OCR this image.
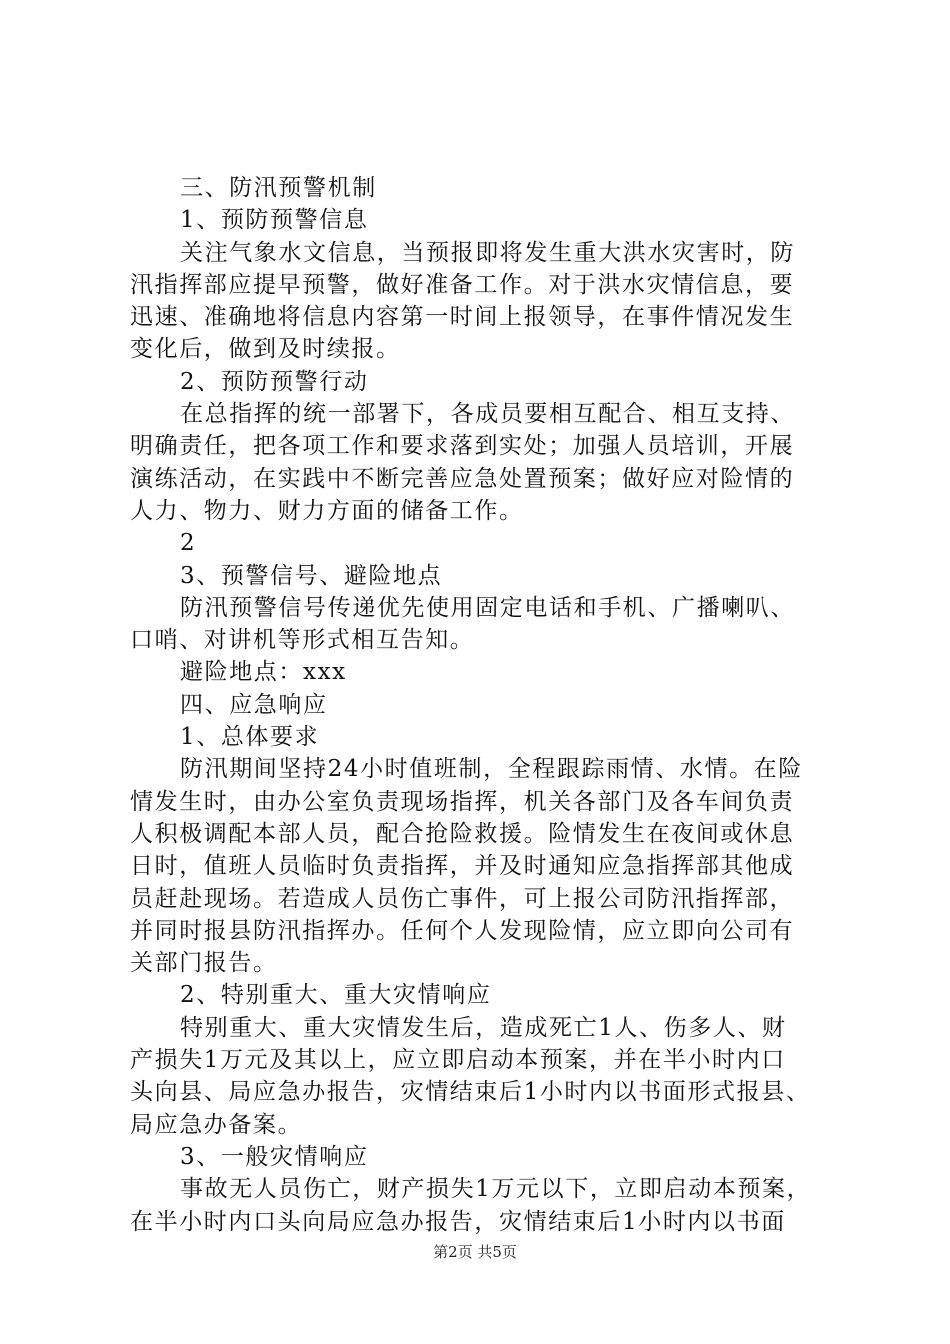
三、防汛预警机制
1、预防预警信息
关注气象水文信息，当预报即将发生重大洪水灾害时，防
汛指挥部应提早预警，做好准备工作。对于洪水灾情信息，要
迅速、准确地将信息内容第一时间上报领导，在事件情况发生
变化后，做到及时续报。
2、预防预警行动
在总指挥的统一部署下，各成员要相互配合、相互支持、
明确责任，把各项工作和要求落到实处；加强人员培训，开展
演练活动，在实践中不断完善应急处置预案；做好应对险情的
人力、物力、财力方面的储备工作。
2
3、预警信号、避险地点
防汛预警信号传递优先使用固定电话和手机、广播喇叭、
口哨、对讲机等形式相互告知。
避险地点：xxx
四、应急响应
1、总体要求
防汛期间坚持24小时值班制，全程跟踪雨情、水情。在险
情发生时，由办公室负责现场指挥，机关各部门及各车间负责
人积极调配本部人员，配合抢险救援。险情发生在夜间或休息
日时，值班人员临时负责指挥，并及时通知应急指挥部其他成
员赶赴现场。若造成人员伤亡事件，可上报公司防汛指挥部，
并同时报县防汛指挥办。任何个人发现险情，应立即向公司有
关部门报告。
2、特别重大、重大灾情响应
特别重大、重大灾情发生后，造成死亡1人、伤多人、财
产损失1万元及其以上，应立即启动本预案，并在半小时内口
头向县、局应急办报告，灾情结束后1小时内以书面形式报县、
局应急办备案。
3、一般灾情响应
事故无人员伤亡，财产损失1万元以下，立即启动本预案，
在半小时内口头向局应急办报告，灾情结束后1小时内以书面
第2页 共5页
